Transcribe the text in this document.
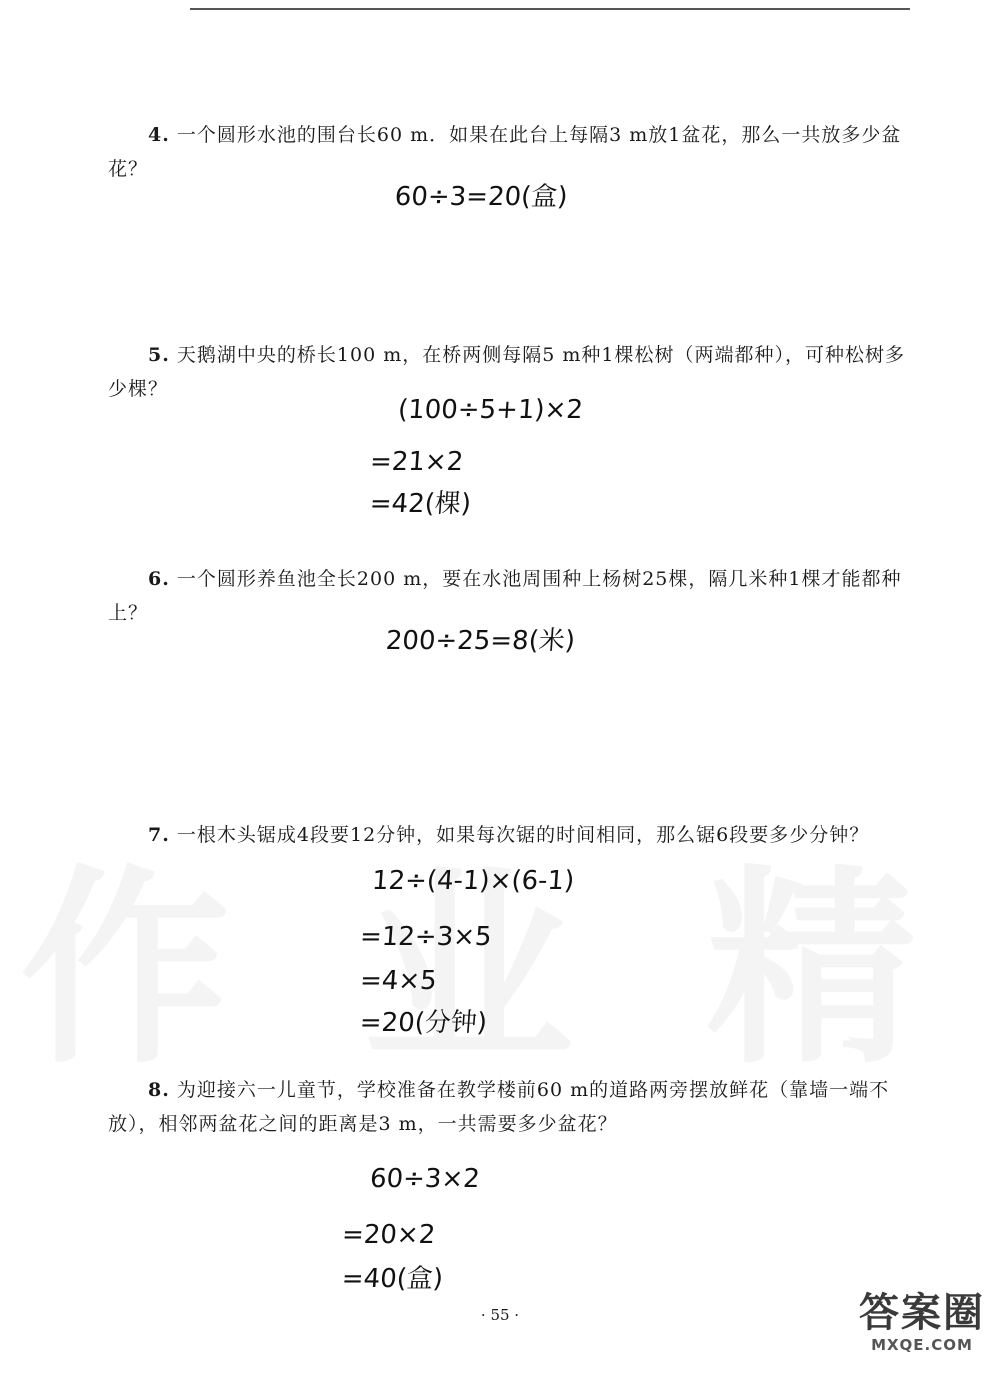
4. 一个圆形水池的围台长60 m．如果在此台上每隔3 m放1盆花，那么一共放多少盆花？

60÷3=20(盒)

5. 天鹅湖中央的桥长100 m，在桥两侧每隔5 m种1棵松树（两端都种），可种松树多少棵？

(100÷5+1)×2
=21×2
=42(棵)

6. 一个圆形养鱼池全长200 m，要在水池周围种上杨树25棵，隔几米种1棵才能都种上？

200÷25=8(米)

7. 一根木头锯成4段要12分钟，如果每次锯的时间相同，那么锯6段要多少分钟？

12÷(4-1)×(6-1)
=12÷3×5
=4×5
=20(分钟)

8. 为迎接六一儿童节，学校准备在教学楼前60 m的道路两旁摆放鲜花（靠墙一端不放），相邻两盆花之间的距离是3 m，一共需要多少盆花？

60÷3×2
=20×2
=40(盒)
· 55 ·	答案圈
MXQE.COM
